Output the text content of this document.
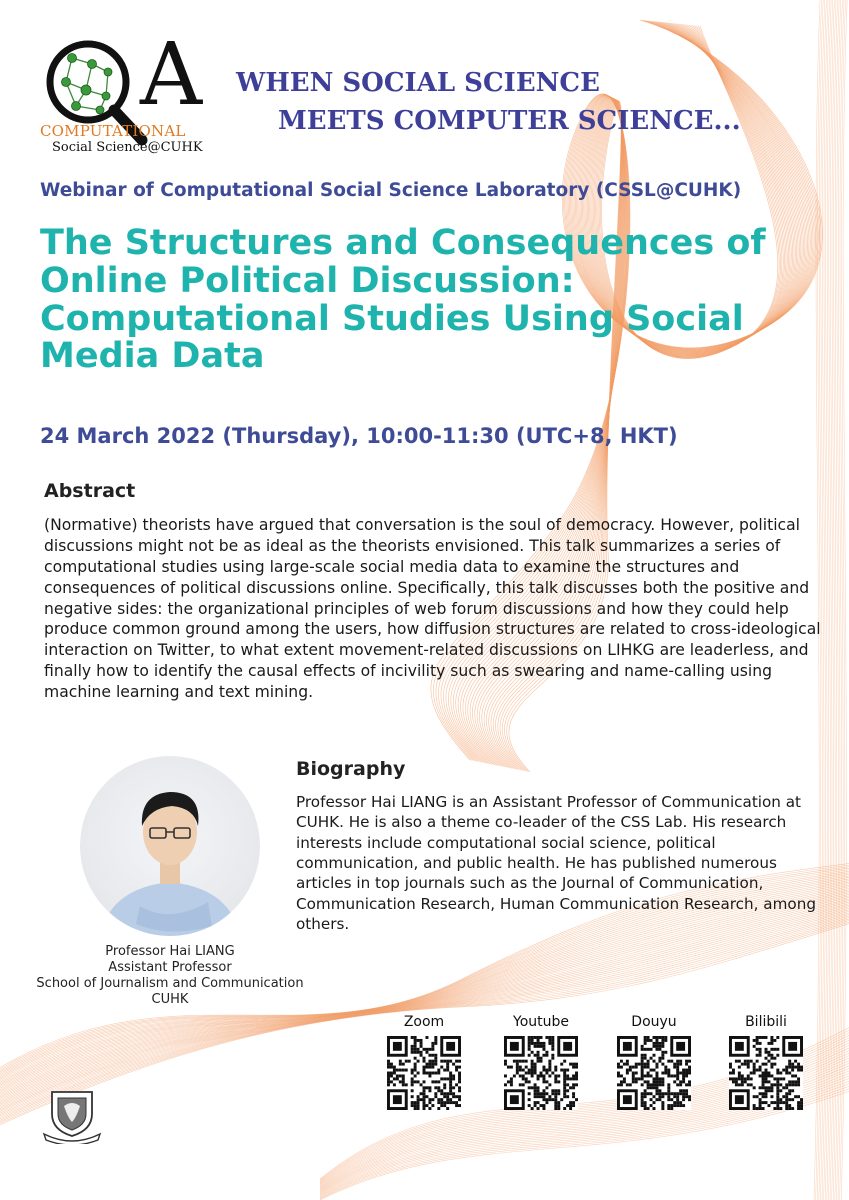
A
COMPUTATIONAL
Social Science@CUHK
WHEN SOCIAL SCIENCE
MEETS COMPUTER SCIENCE...
Webinar of Computational Social Science Laboratory (CSSL@CUHK)
The Structures and Consequences of Online Political Discussion: Computational Studies Using Social Media Data
24 March 2022 (Thursday), 10:00-11:30 (UTC+8, HKT)
Abstract

(Normative) theorists have argued that conversation is the soul of democracy. However, political discussions might not be as ideal as the theorists envisioned. This talk summarizes a series of computational studies using large-scale social media data to examine the structures and consequences of political discussions online. Specifically, this talk discusses both the positive and negative sides: the organizational principles of web forum discussions and how they could help produce common ground among the users, how diffusion structures are related to cross-ideological interaction on Twitter, to what extent movement-related discussions on LIHKG are leaderless, and finally how to identify the causal effects of incivility such as swearing and name-calling using machine learning and text mining.

Professor Hai LIANG
Assistant Professor
School of Journalism and Communication
CUHK
Biography

Professor Hai LIANG is an Assistant Professor of Communication at CUHK. He is also a theme co-leader of the CSS Lab. His research interests include computational social science, political communication, and public health. He has published numerous articles in top journals such as the Journal of Communication, Communication Research, Human Communication Research, among others.

Zoom	Youtube	Douyu	Bilibili
